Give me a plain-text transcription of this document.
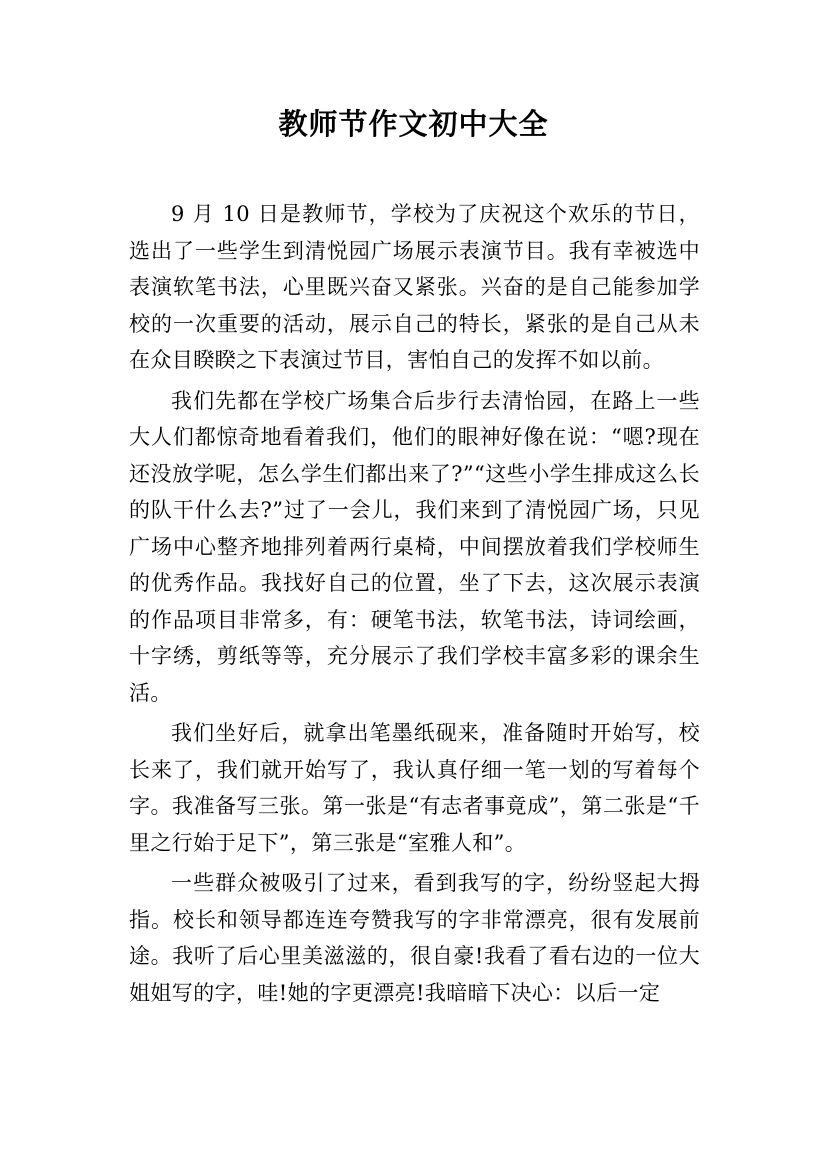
教师节作文初中大全

9 月 10 日是教师节，学校为了庆祝这个欢乐的节日，选出了一些学生到清悦园广场展示表演节目。我有幸被选中表演软笔书法，心里既兴奋又紧张。兴奋的是自己能参加学校的一次重要的活动，展示自己的特长，紧张的是自己从未在众目睽睽之下表演过节目，害怕自己的发挥不如以前。

我们先都在学校广场集合后步行去清怡园，在路上一些大人们都惊奇地看着我们，他们的眼神好像在说：“嗯?现在还没放学呢，怎么学生们都出来了?”“这些小学生排成这么长的队干什么去?”过了一会儿，我们来到了清悦园广场，只见广场中心整齐地排列着两行桌椅，中间摆放着我们学校师生的优秀作品。我找好自己的位置，坐了下去，这次展示表演的作品项目非常多，有：硬笔书法，软笔书法，诗词绘画，十字绣，剪纸等等，充分展示了我们学校丰富多彩的课余生活。

我们坐好后，就拿出笔墨纸砚来，准备随时开始写，校长来了，我们就开始写了，我认真仔细一笔一划的写着每个字。我准备写三张。第一张是“有志者事竟成”，第二张是“千里之行始于足下”，第三张是“室雅人和”。

一些群众被吸引了过来，看到我写的字，纷纷竖起大拇指。校长和领导都连连夸赞我写的字非常漂亮，很有发展前途。我听了后心里美滋滋的，很自豪!我看了看右边的一位大姐姐写的字，哇!她的字更漂亮!我暗暗下决心：以后一定
